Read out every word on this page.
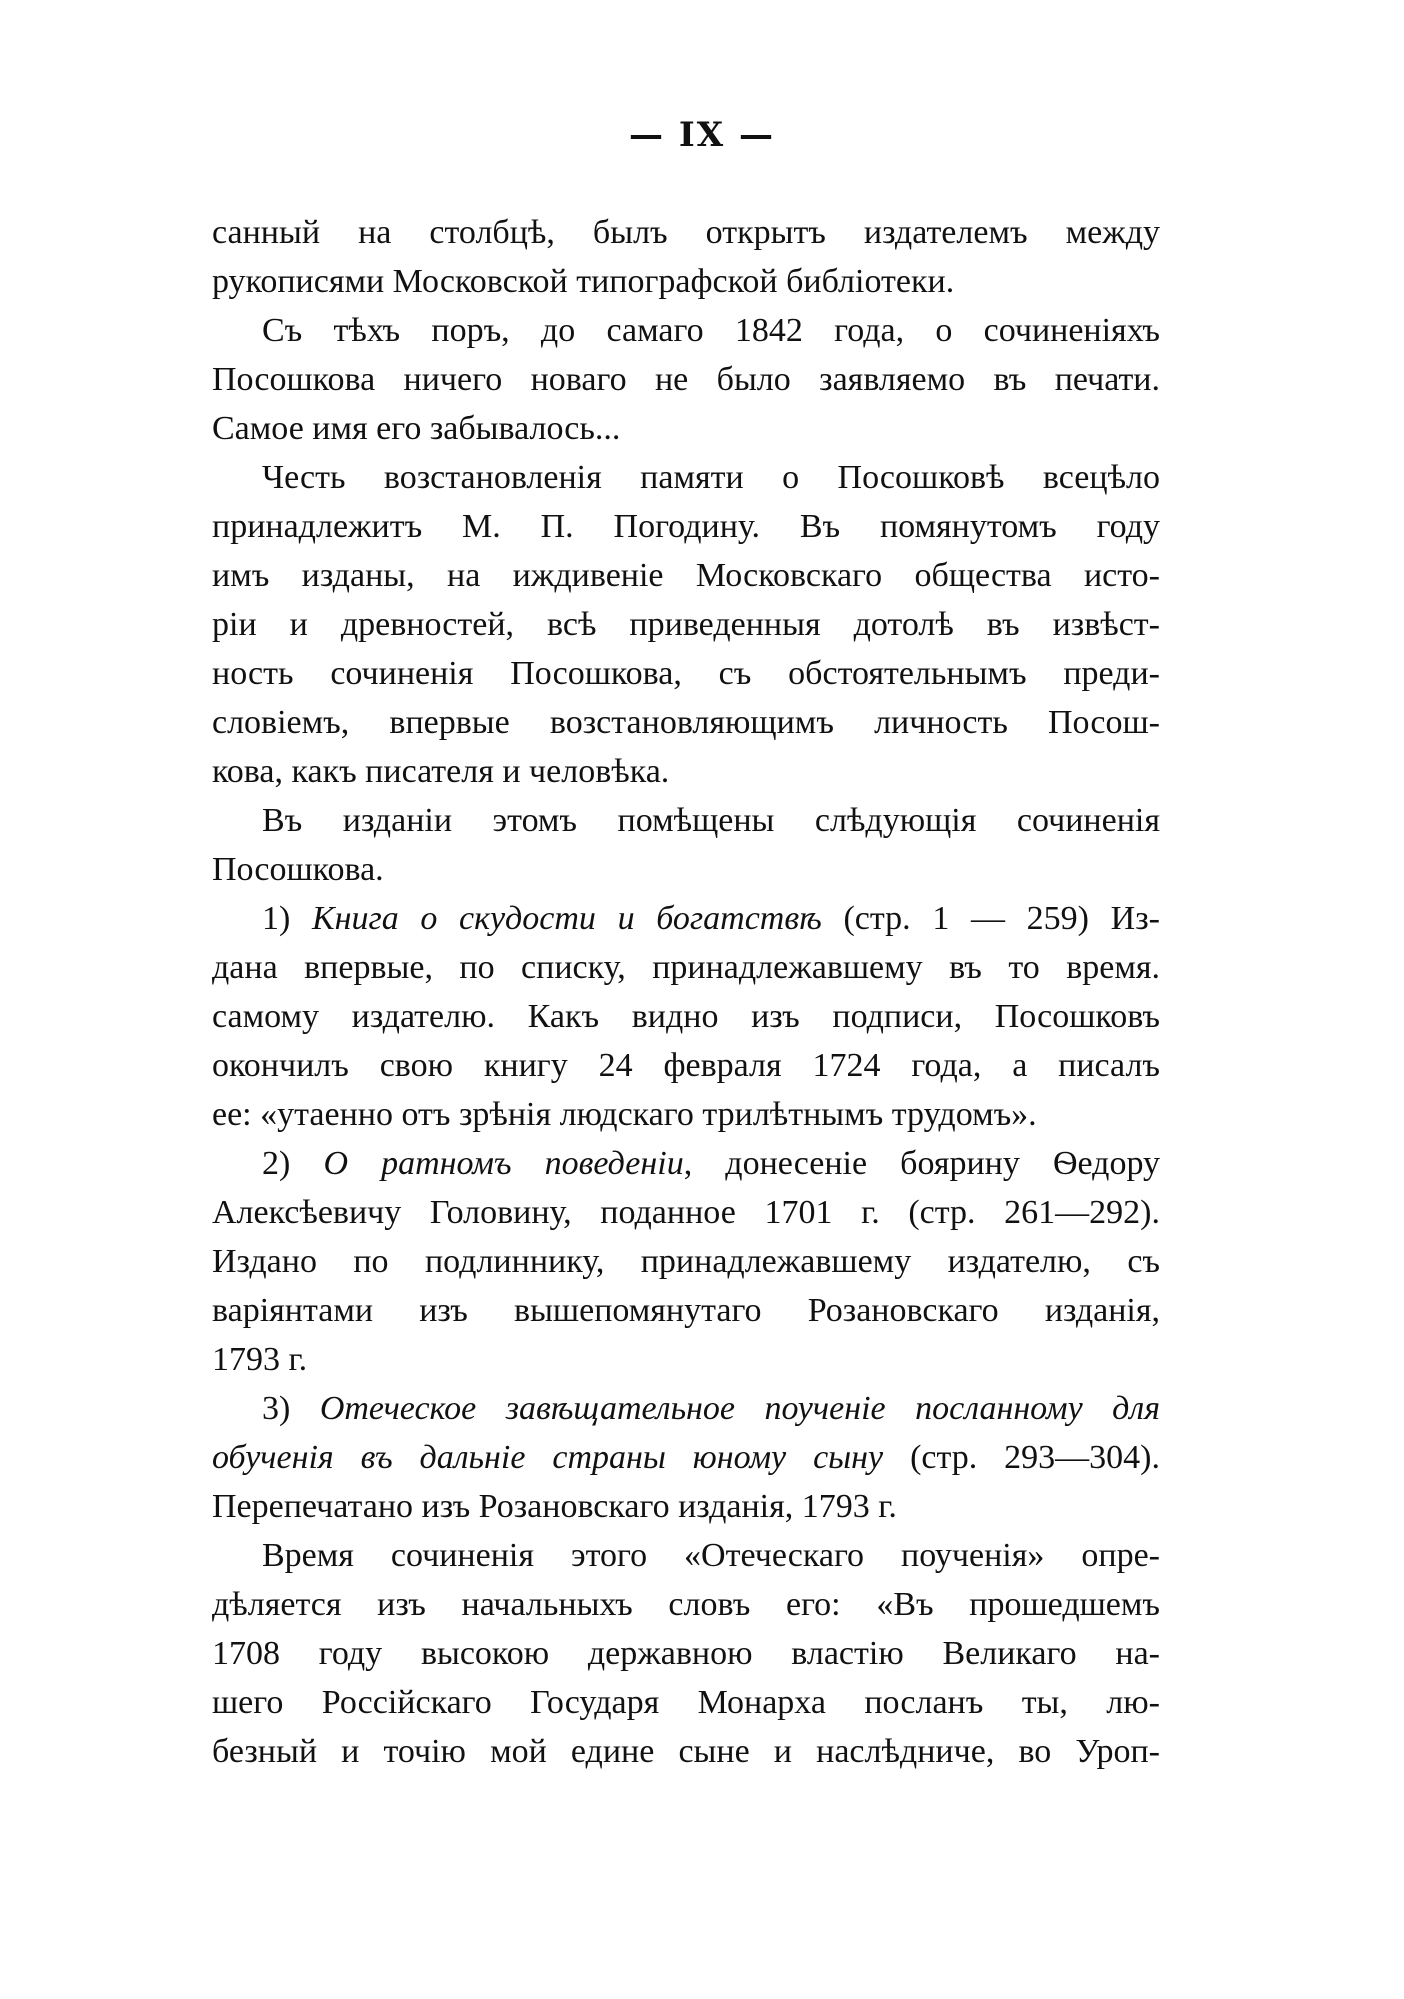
— IX —
санный на столбцѣ, былъ открытъ издателемъ между
рукописями Московской типографской библіотеки.
Съ тѣхъ поръ, до самаго 1842 года, о сочиненіяхъ
Посошкова ничего новаго не было заявляемо въ печати.
Самое имя его забывалось...
Честь возстановленія памяти о Посошковѣ всецѣло
принадлежитъ М. П. Погодину. Въ помянутомъ году
имъ изданы, на иждивеніе Московскаго общества исто-
ріи и древностей, всѣ приведенныя дотолѣ въ извѣст-
ность сочиненія Посошкова, съ обстоятельнымъ преди-
словіемъ, впервые возстановляющимъ личность Посош-
кова, какъ писателя и человѣка.
Въ изданіи этомъ помѣщены слѣдующія сочиненія
Посошкова.
1) Книга о скудости и богатствѣ (стр. 1 — 259) Из-
дана впервые, по списку, принадлежавшему въ то время.
самому издателю. Какъ видно изъ подписи, Посошковъ
окончилъ свою книгу 24 февраля 1724 года, а писалъ
ее: «утаенно отъ зрѣнія людскаго трилѣтнымъ трудомъ».
2) О ратномъ поведеніи, донесеніе боярину Ѳедору
Алексѣевичу Головину, поданное 1701 г. (стр. 261—292).
Издано по подлиннику, принадлежавшему издателю, съ
варіянтами изъ вышепомянутаго Розановскаго изданія,
1793 г.
3) Отеческое завѣщательное поученіе посланному для
обученія въ дальніе страны юному сыну (стр. 293—304).
Перепечатано изъ Розановскаго изданія, 1793 г.
Время сочиненія этого «Отеческаго поученія» опре-
дѣляется изъ начальныхъ словъ его: «Въ прошедшемъ
1708 году высокою державною властію Великаго на-
шего Россійскаго Государя Монарха посланъ ты, лю-
безный и точію мой едине сыне и наслѣдниче, во Уроп-
